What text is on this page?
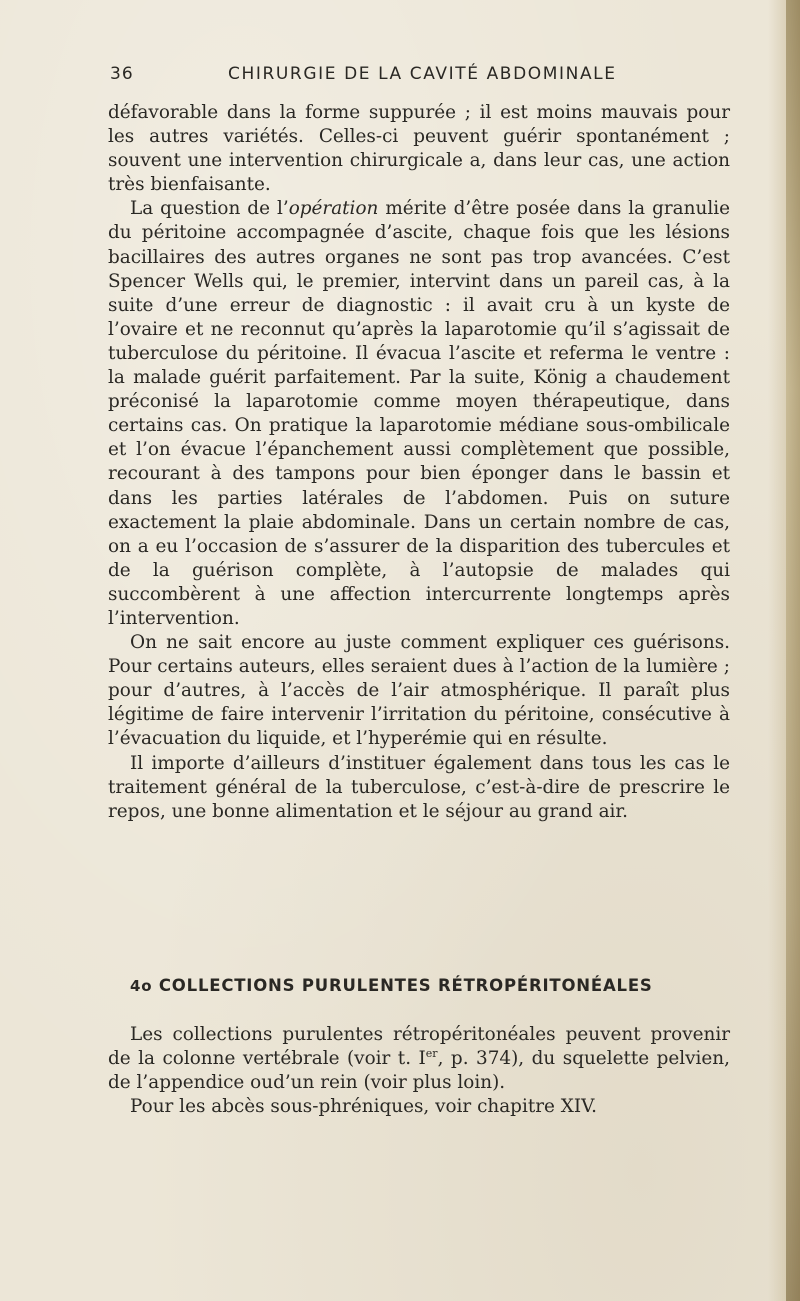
36	CHIRURGIE DE LA CAVITÉ ABDOMINALE

défavorable dans la forme suppurée ; il est moins mauvais pour les autres variétés. Celles-ci peuvent guérir spontanément ; souvent une intervention chirurgicale a, dans leur cas, une action très bienfaisante.

La question de l’opération mérite d’être posée dans la granulie du péritoine accompagnée d’ascite, chaque fois que les lésions bacillaires des autres organes ne sont pas trop avancées. C’est Spencer Wells qui, le premier, intervint dans un pareil cas, à la suite d’une erreur de diagnostic : il avait cru à un kyste de l’ovaire et ne reconnut qu’après la laparotomie qu’il s’agissait de tuberculose du péritoine. Il évacua l’ascite et referma le ventre : la malade guérit parfaitement. Par la suite, König a chaudement préconisé la laparotomie comme moyen thérapeutique, dans certains cas. On pratique la laparotomie médiane sous-ombilicale et l’on évacue l’épanchement aussi complètement que possible, recourant à des tampons pour bien éponger dans le bassin et dans les parties latérales de l’abdomen. Puis on suture exactement la plaie abdominale. Dans un certain nombre de cas, on a eu l’occasion de s’assurer de la disparition des tubercules et de la guérison complète, à l’autopsie de malades qui succombèrent à une affection intercurrente longtemps après l’intervention.

On ne sait encore au juste comment expliquer ces guérisons. Pour certains auteurs, elles seraient dues à l’action de la lumière ; pour d’autres, à l’accès de l’air atmosphérique. Il paraît plus légitime de faire intervenir l’irritation du péritoine, consécutive à l’évacuation du liquide, et l’hyperémie qui en résulte.

Il importe d’ailleurs d’instituer également dans tous les cas le traitement général de la tuberculose, c’est-à-dire de prescrire le repos, une bonne alimentation et le séjour au grand air.

4o COLLECTIONS PURULENTES RÉTROPÉRITONÉALES

Les collections purulentes rétropéritonéales peuvent provenir de la colonne vertébrale (voir t. Ier, p. 374), du squelette pelvien, de l’appendice oud’un rein (voir plus loin).

Pour les abcès sous-phréniques, voir chapitre XIV.
